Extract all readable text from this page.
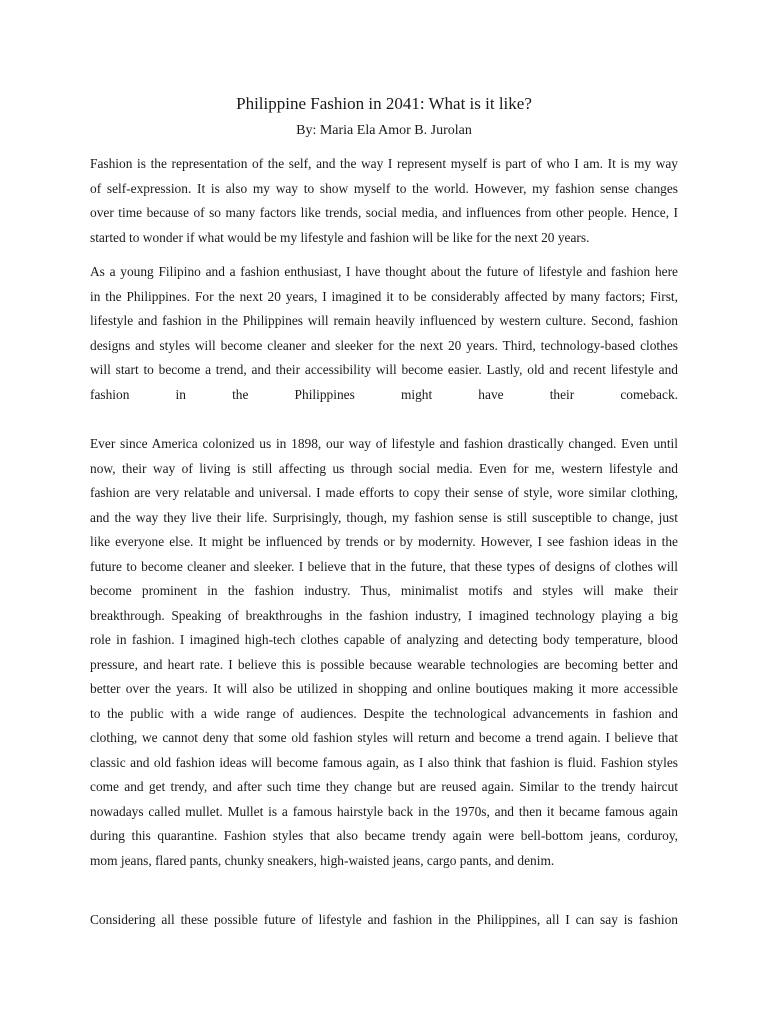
Philippine Fashion in 2041: What is it like?
By: Maria Ela Amor B. Jurolan
Fashion is the representation of the self, and the way I represent myself is part of who I am. It is my way
of self-expression. It is also my way to show myself to the world. However, my fashion sense changes
over time because of so many factors like trends, social media, and influences from other people. Hence, I
started to wonder if what would be my lifestyle and fashion will be like for the next 20 years.
As a young Filipino and a fashion enthusiast, I have thought about the future of lifestyle and fashion here
in the Philippines. For the next 20 years, I imagined it to be considerably affected by many factors; First,
lifestyle and fashion in the Philippines will remain heavily influenced by western culture. Second, fashion
designs and styles will become cleaner and sleeker for the next 20 years. Third, technology-based clothes
will start to become a trend, and their accessibility will become easier. Lastly, old and recent lifestyle and
fashion in the Philippines might have their comeback.
Ever since America colonized us in 1898, our way of lifestyle and fashion drastically changed. Even until
now, their way of living is still affecting us through social media. Even for me, western lifestyle and
fashion are very relatable and universal. I made efforts to copy their sense of style, wore similar clothing,
and the way they live their life. Surprisingly, though, my fashion sense is still susceptible to change, just
like everyone else. It might be influenced by trends or by modernity. However, I see fashion ideas in the
future to become cleaner and sleeker. I believe that in the future, that these types of designs of clothes will
become prominent in the fashion industry. Thus, minimalist motifs and styles will make their
breakthrough. Speaking of breakthroughs in the fashion industry, I imagined technology playing a big
role in fashion. I imagined high-tech clothes capable of analyzing and detecting body temperature, blood
pressure, and heart rate. I believe this is possible because wearable technologies are becoming better and
better over the years. It will also be utilized in shopping and online boutiques making it more accessible
to the public with a wide range of audiences. Despite the technological advancements in fashion and
clothing, we cannot deny that some old fashion styles will return and become a trend again. I believe that
classic and old fashion ideas will become famous again, as I also think that fashion is fluid. Fashion styles
come and get trendy, and after such time they change but are reused again. Similar to the trendy haircut
nowadays called mullet. Mullet is a famous hairstyle back in the 1970s, and then it became famous again
during this quarantine. Fashion styles that also became trendy again were bell-bottom jeans, corduroy,
mom jeans, flared pants, chunky sneakers, high-waisted jeans, cargo pants, and denim.
Considering all these possible future of lifestyle and fashion in the Philippines, all I can say is fashion
